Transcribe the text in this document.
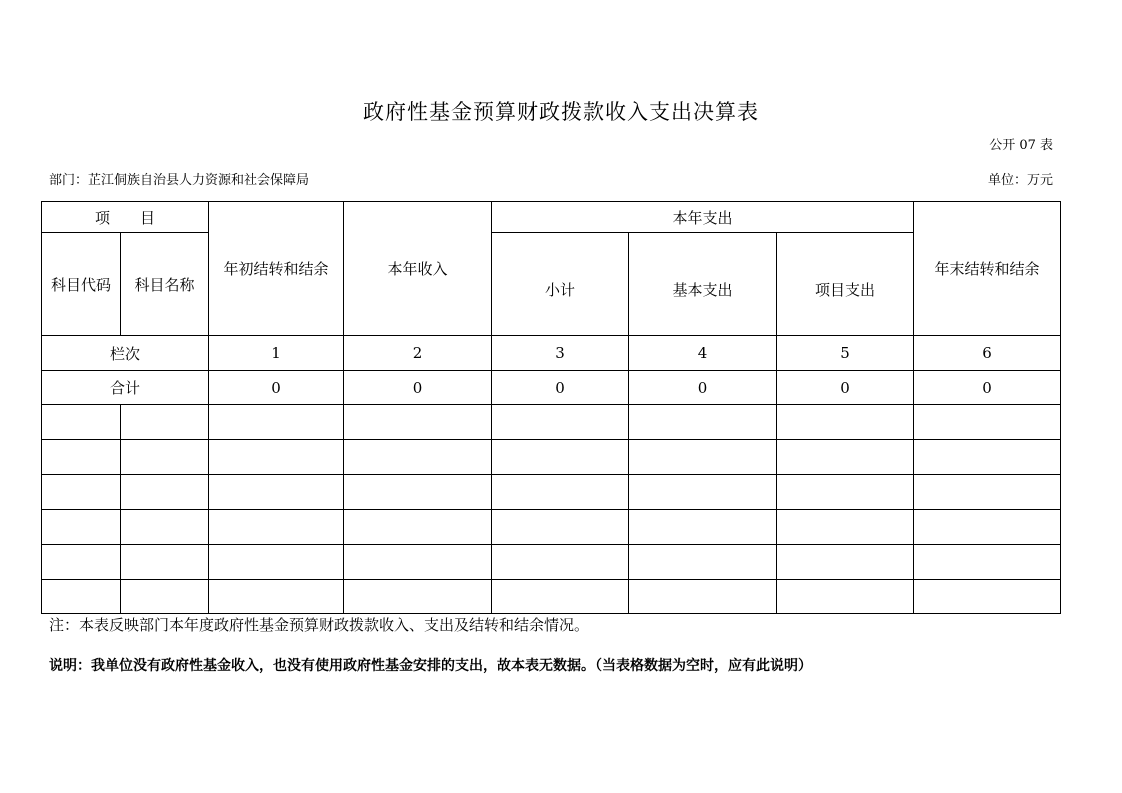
政府性基金预算财政拨款收入支出决算表
公开 07 表
部门：芷江侗族自治县人力资源和社会保障局	单位：万元
项　　目		年初结转和结余	本年收入	本年支出			年末结转和结余
科目代码	科目名称			小计	基本支出	项目支出	
栏次		1	2	3	4	5	6
合计		0	0	0	0	0	0

注：本表反映部门本年度政府性基金预算财政拨款收入、支出及结转和结余情况。
说明：我单位没有政府性基金收入，也没有使用政府性基金安排的支出，故本表无数据。（当表格数据为空时，应有此说明）
